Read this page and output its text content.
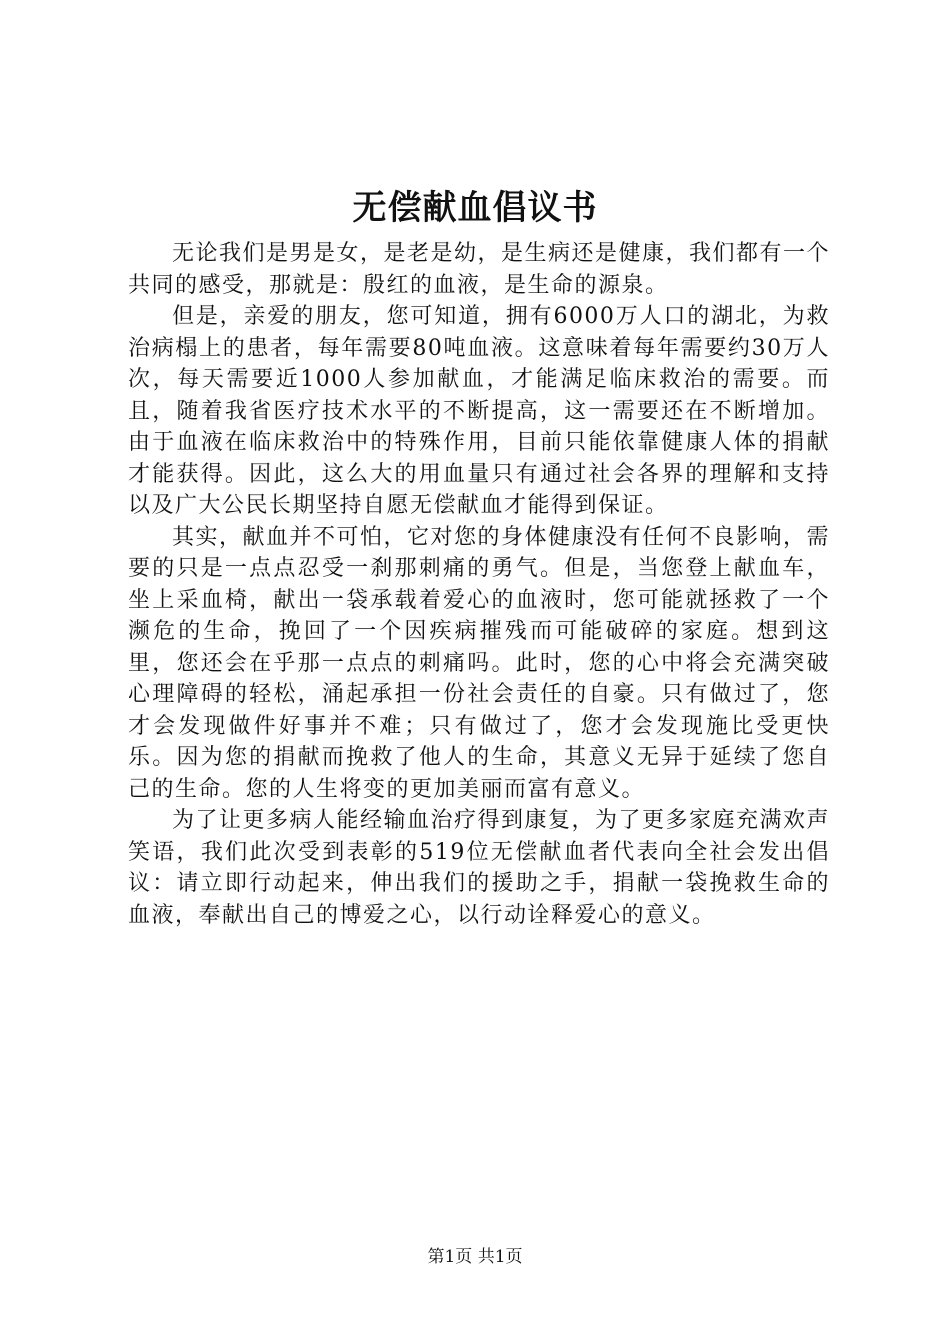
无偿献血倡议书

无论我们是男是女，是老是幼，是生病还是健康，我们都有一个共同的感受，那就是：殷红的血液，是生命的源泉。

但是，亲爱的朋友，您可知道，拥有6000万人口的湖北，为救治病榻上的患者，每年需要80吨血液。这意味着每年需要约30万人次，每天需要近1000人参加献血，才能满足临床救治的需要。而且，随着我省医疗技术水平的不断提高，这一需要还在不断增加。由于血液在临床救治中的特殊作用，目前只能依靠健康人体的捐献才能获得。因此，这么大的用血量只有通过社会各界的理解和支持以及广大公民长期坚持自愿无偿献血才能得到保证。

其实，献血并不可怕，它对您的身体健康没有任何不良影响，需要的只是一点点忍受一刹那刺痛的勇气。但是，当您登上献血车，坐上采血椅，献出一袋承载着爱心的血液时，您可能就拯救了一个濒危的生命，挽回了一个因疾病摧残而可能破碎的家庭。想到这里，您还会在乎那一点点的刺痛吗。此时，您的心中将会充满突破心理障碍的轻松，涌起承担一份社会责任的自豪。只有做过了，您才会发现做件好事并不难；只有做过了，您才会发现施比受更快乐。因为您的捐献而挽救了他人的生命，其意义无异于延续了您自己的生命。您的人生将变的更加美丽而富有意义。

为了让更多病人能经输血治疗得到康复，为了更多家庭充满欢声笑语，我们此次受到表彰的519位无偿献血者代表向全社会发出倡议：请立即行动起来，伸出我们的援助之手，捐献一袋挽救生命的血液，奉献出自己的博爱之心，以行动诠释爱心的意义。

第1页 共1页
